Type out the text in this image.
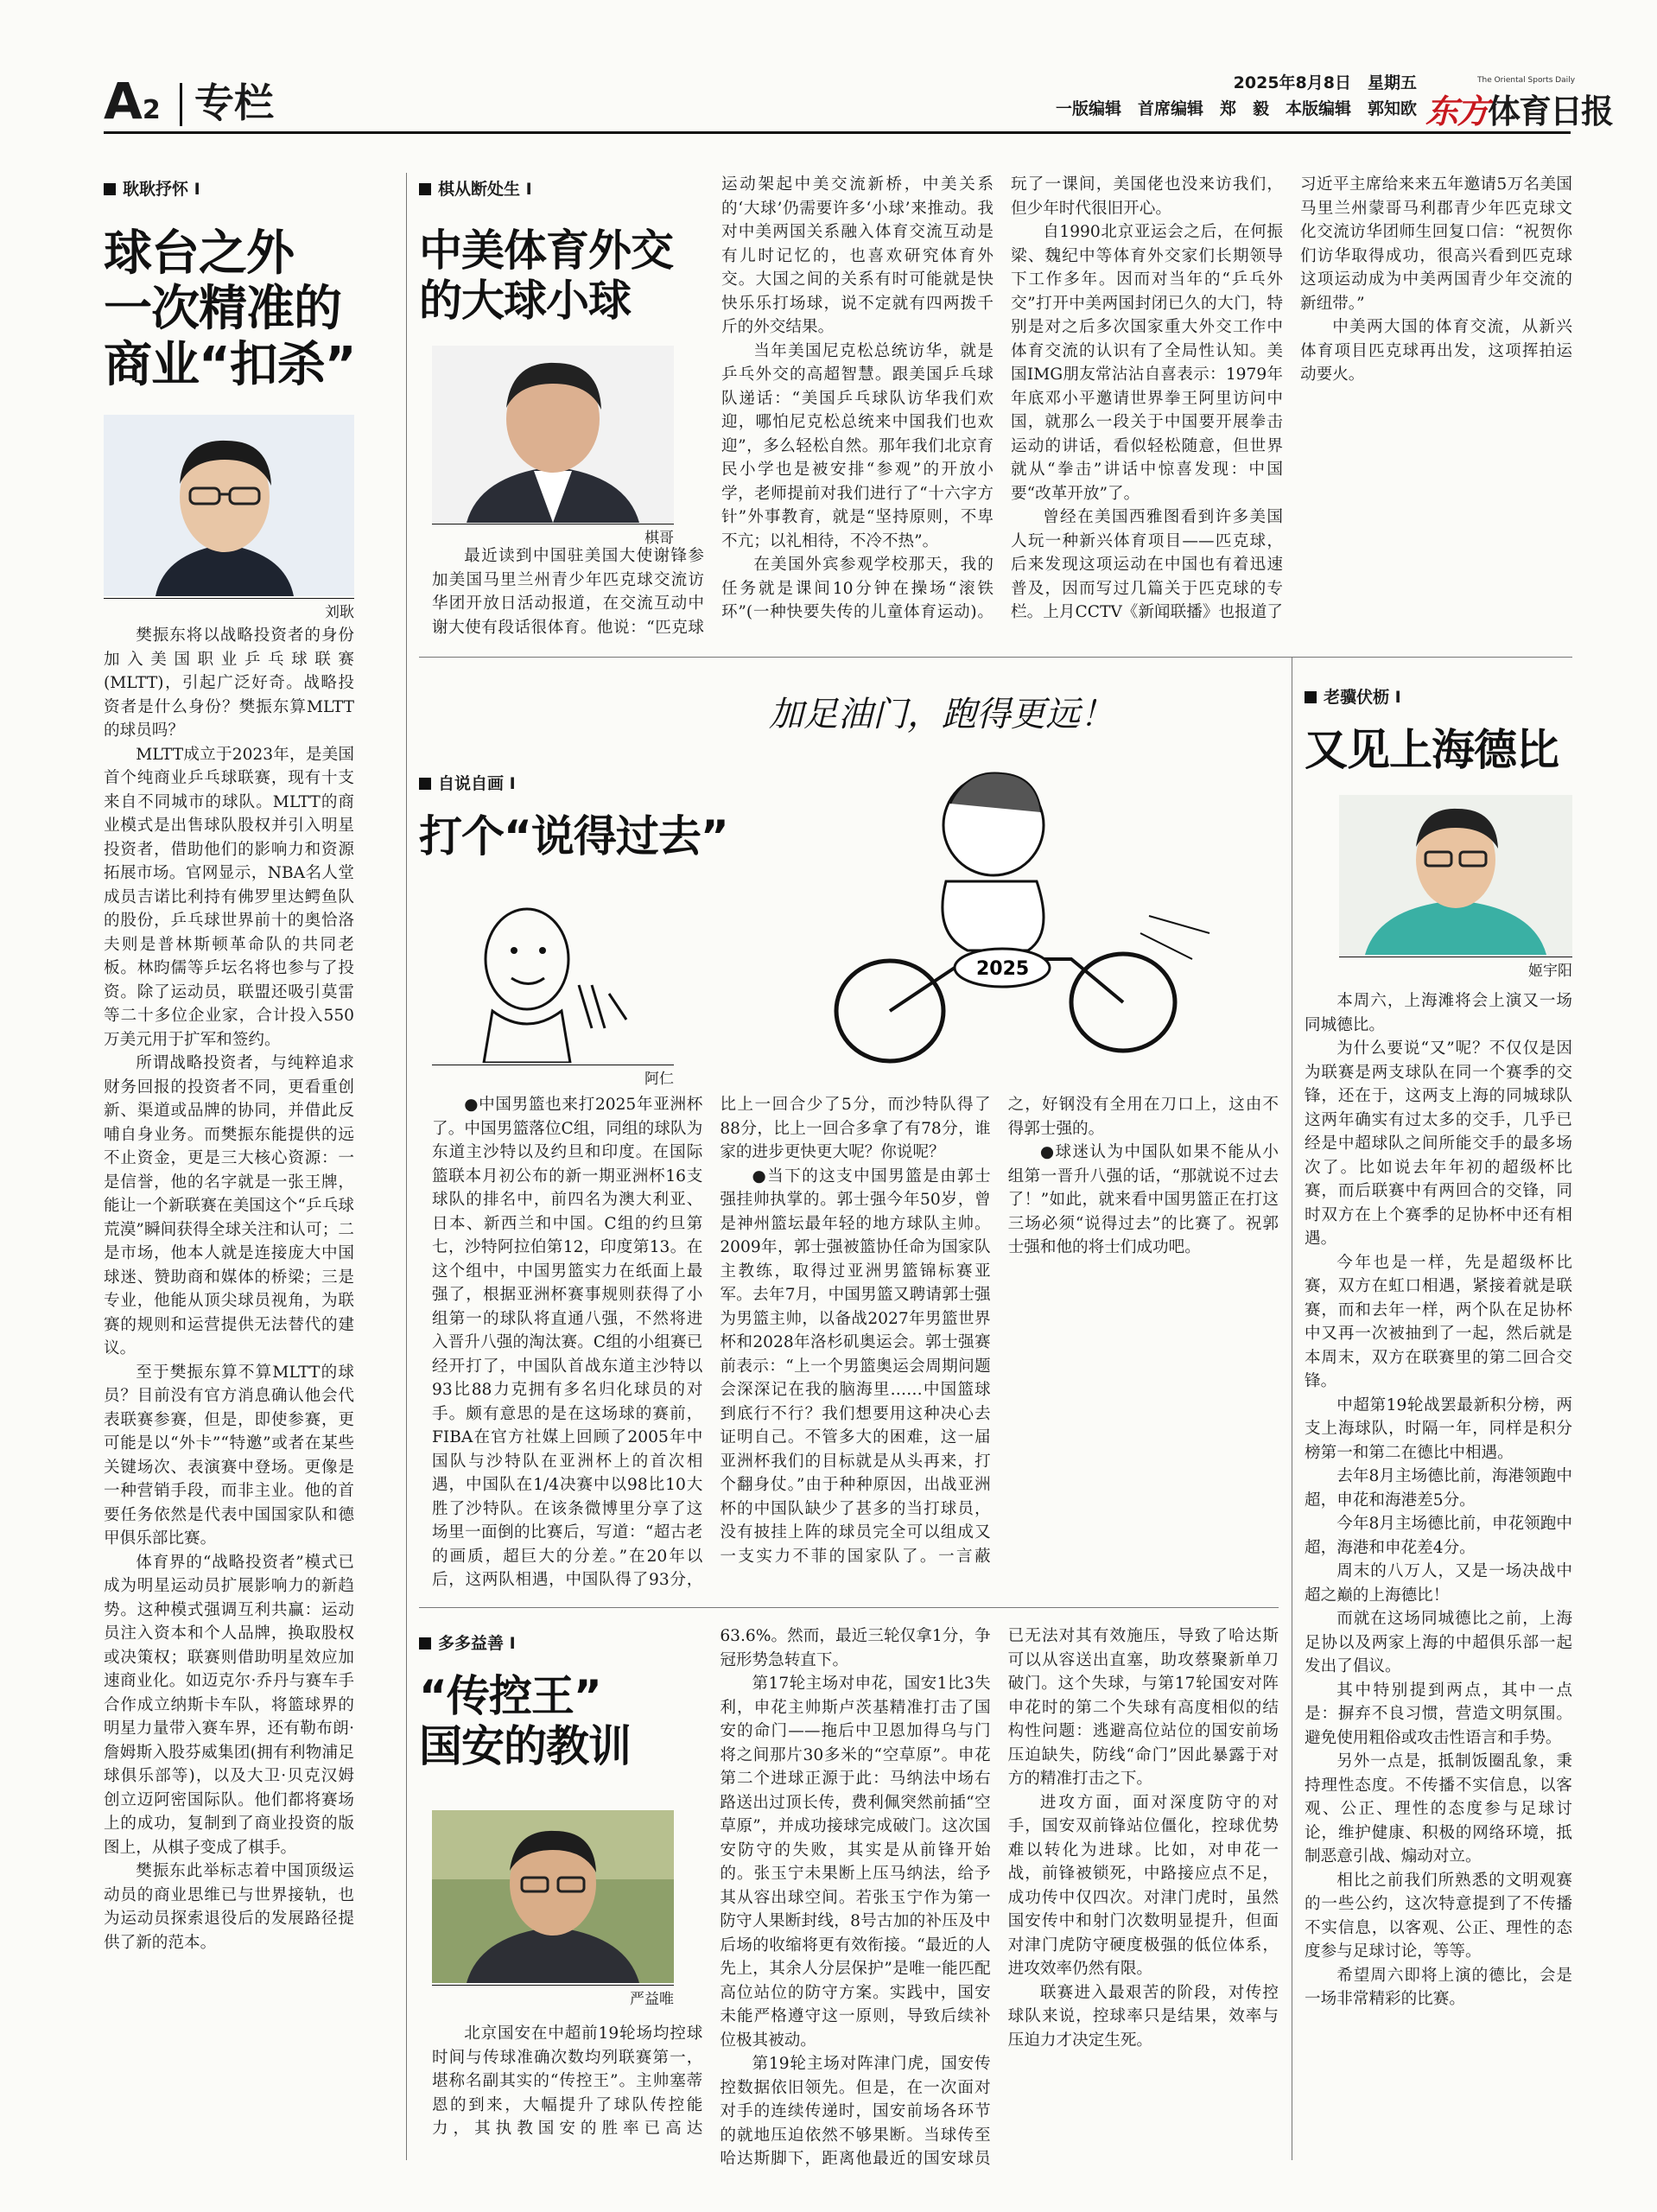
A2 专栏	2025年8月8日　星期五
一版编辑　首席编辑　郑　毅　本版编辑　郭知欧
The Oriental Sports Daily
东方体育日报
耿耿抒怀 I
球台之外
一次精准的
商业“扣杀”
刘耿

樊振东将以战略投资者的身份加入美国职业乒乓球联赛(MLTT)，引起广泛好奇。战略投资者是什么身份？樊振东算MLTT的球员吗？

MLTT成立于2023年，是美国首个纯商业乒乓球联赛，现有十支来自不同城市的球队。MLTT的商业模式是出售球队股权并引入明星投资者，借助他们的影响力和资源拓展市场。官网显示，NBA名人堂成员吉诺比利持有佛罗里达鳄鱼队的股份，乒乓球世界前十的奥恰洛夫则是普林斯顿革命队的共同老板。林昀儒等乒坛名将也参与了投资。除了运动员，联盟还吸引莫雷等二十多位企业家，合计投入550万美元用于扩军和签约。

所谓战略投资者，与纯粹追求财务回报的投资者不同，更看重创新、渠道或品牌的协同，并借此反哺自身业务。而樊振东能提供的远不止资金，更是三大核心资源：一是信誉，他的名字就是一张王牌，能让一个新联赛在美国这个“乒乓球荒漠”瞬间获得全球关注和认可；二是市场，他本人就是连接庞大中国球迷、赞助商和媒体的桥梁；三是专业，他能从顶尖球员视角，为联赛的规则和运营提供无法替代的建议。

至于樊振东算不算MLTT的球员？目前没有官方消息确认他会代表联赛参赛，但是，即使参赛，更可能是以“外卡”“特邀”或者在某些关键场次、表演赛中登场。更像是一种营销手段，而非主业。他的首要任务依然是代表中国国家队和德甲俱乐部比赛。

体育界的“战略投资者”模式已成为明星运动员扩展影响力的新趋势。这种模式强调互利共赢：运动员注入资本和个人品牌，换取股权或决策权；联赛则借助明星效应加速商业化。如迈克尔·乔丹与赛车手合作成立纳斯卡车队，将篮球界的明星力量带入赛车界，还有勒布朗·詹姆斯入股芬威集团(拥有利物浦足球俱乐部等)，以及大卫·贝克汉姆创立迈阿密国际队。他们都将赛场上的成功，复制到了商业投资的版图上，从棋子变成了棋手。

樊振东此举标志着中国顶级运动员的商业思维已与世界接轨，也为运动员探索退役后的发展路径提供了新的范本。

棋从断处生 I
中美体育外交
的大球小球
棋哥

最近读到中国驻美国大使谢锋参加美国马里兰州青少年匹克球交流访华团开放日活动报道，在交流互动中谢大使有段话很体育。他说：“匹克球运动架起中美交流新桥，中美关系的‘大球’仍需要许多‘小球’来推动。我对中美两国关系融入体育交流互动是有儿时记忆的，也喜欢研究体育外交。大国之间的关系有时可能就是快快乐乐打场球，说不定就有四两拨千斤的外交结果。

当年美国尼克松总统访华，就是乒乓外交的高超智慧。跟美国乒乓球队递话：“美国乒乓球队访华我们欢迎，哪怕尼克松总统来中国我们也欢迎”，多么轻松自然。那年我们北京育民小学也是被安排“参观”的开放小学，老师提前对我们进行了“十六字方针”外事教育，就是“坚持原则，不卑不亢；以礼相待，不冷不热”。

在美国外宾参观学校那天，我的任务就是课间10分钟在操场“滚铁环”(一种快要失传的儿童体育运动)。玩了一课间，美国佬也没来访我们，但少年时代很旧开心。

自1990北京亚运会之后，在何振梁、魏纪中等体育外交家们长期领导下工作多年。因而对当年的“乒乓外交”打开中美两国封闭已久的大门，特别是对之后多次国家重大外交工作中体育交流的认识有了全局性认知。美国IMG朋友常沾沾自喜表示：1979年年底邓小平邀请世界拳王阿里访问中国，就那么一段关于中国要开展拳击运动的讲话，看似轻松随意，但世界就从“拳击”讲话中惊喜发现：中国要“改革开放”了。

曾经在美国西雅图看到许多美国人玩一种新兴体育项目——匹克球，后来发现这项运动在中国也有着迅速普及，因而写过几篇关于匹克球的专栏。上月CCTV《新闻联播》也报道了习近平主席给来来五年邀请5万名美国马里兰州蒙哥马利郡青少年匹克球文化交流访华团师生回复口信：“祝贺你们访华取得成功，很高兴看到匹克球这项运动成为中美两国青少年交流的新纽带。”

中美两大国的体育交流，从新兴体育项目匹克球再出发，这项挥拍运动要火。

自说自画 I
打个“说得过去”
阿仁
加足油门，跑得更远！
2025

●中国男篮也来打2025年亚洲杯了。中国男篮落位C组，同组的球队为东道主沙特以及约旦和印度。在国际篮联本月初公布的新一期亚洲杯16支球队的排名中，前四名为澳大利亚、日本、新西兰和中国。C组的约旦第七，沙特阿拉伯第12，印度第13。在这个组中，中国男篮实力在纸面上最强了，根据亚洲杯赛事规则获得了小组第一的球队将直通八强，不然将进入晋升八强的淘汰赛。C组的小组赛已经开打了，中国队首战东道主沙特以93比88力克拥有多名归化球员的对手。颇有意思的是在这场球的赛前，FIBA在官方社媒上回顾了2005年中国队与沙特队在亚洲杯上的首次相遇，中国队在1/4决赛中以98比10大胜了沙特队。在该条微博里分享了这场里一面倒的比赛后，写道：“超古老的画质，超巨大的分差。”在20年以后，这两队相遇，中国队得了93分，比上一回合少了5分，而沙特队得了88分，比上一回合多拿了有78分，谁家的进步更快更大呢？你说呢？

●当下的这支中国男篮是由郭士强挂帅执掌的。郭士强今年50岁，曾是神州篮坛最年轻的地方球队主帅。2009年，郭士强被篮协任命为国家队主教练，取得过亚洲男篮锦标赛亚军。去年7月，中国男篮又聘请郭士强为男篮主帅，以备战2027年男篮世界杯和2028年洛杉矶奥运会。郭士强赛前表示：“上一个男篮奥运会周期问题会深深记在我的脑海里……中国篮球到底行不行？我们想要用这种决心去证明自己。不管多大的困难，这一届亚洲杯我们的目标就是从头再来，打个翻身仗。”由于种种原因，出战亚洲杯的中国队缺少了甚多的当打球员，没有披挂上阵的球员完全可以组成又一支实力不菲的国家队了。一言蔽之，好钢没有全用在刀口上，这由不得郭士强的。

●球迷认为中国队如果不能从小组第一晋升八强的话，“那就说不过去了！”如此，就来看中国男篮正在打这三场必须“说得过去”的比赛了。祝郭士强和他的将士们成功吧。

老骥伏枥 I
又见上海德比
姬宇阳

本周六，上海滩将会上演又一场同城德比。

为什么要说“又”呢？不仅仅是因为联赛是两支球队在同一个赛季的交锋，还在于，这两支上海的同城球队这两年确实有过太多的交手，几乎已经是中超球队之间所能交手的最多场次了。比如说去年年初的超级杯比赛，而后联赛中有两回合的交锋，同时双方在上个赛季的足协杯中还有相遇。

今年也是一样，先是超级杯比赛，双方在虹口相遇，紧接着就是联赛，而和去年一样，两个队在足协杯中又再一次被抽到了一起，然后就是本周末，双方在联赛里的第二回合交锋。

中超第19轮战罢最新积分榜，两支上海球队，时隔一年，同样是积分榜第一和第二在德比中相遇。

去年8月主场德比前，海港领跑中超，申花和海港差5分。

今年8月主场德比前，申花领跑中超，海港和申花差4分。

周末的八万人，又是一场决战中超之巅的上海德比！

而就在这场同城德比之前，上海足协以及两家上海的中超俱乐部一起发出了倡议。

其中特别提到两点，其中一点是：摒弃不良习惯，营造文明氛围。避免使用粗俗或攻击性语言和手势。

另外一点是，抵制饭圈乱象，秉持理性态度。不传播不实信息，以客观、公正、理性的态度参与足球讨论，维护健康、积极的网络环境，抵制恶意引战、煽动对立。

相比之前我们所熟悉的文明观赛的一些公约，这次特意提到了不传播不实信息，以客观、公正、理性的态度参与足球讨论，等等。

希望周六即将上演的德比，会是一场非常精彩的比赛。

多多益善 I
“传控王”
国安的教训
严益唯

北京国安在中超前19轮场均控球时间与传球准确次数均列联赛第一，堪称名副其实的“传控王”。主帅塞蒂恩的到来，大幅提升了球队传控能力，其执教国安的胜率已高达63.6%。然而，最近三轮仅拿1分，争冠形势急转直下。

第17轮主场对申花，国安1比3失利，申花主帅斯卢茨基精准打击了国安的命门——拖后中卫恩加得乌与门将之间那片30多米的“空草原”。申花第二个进球正源于此：马纳法中场右路送出过顶长传，费利佩突然前插“空草原”，并成功接球完成破门。这次国安防守的失败，其实是从前锋开始的。张玉宁未果断上压马纳法，给予其从容出球空间。若张玉宁作为第一防守人果断封线，8号古加的补压及中后场的收缩将更有效衔接。“最近的人先上，其余人分层保护”是唯一能匹配高位站位的防守方案。实践中，国安未能严格遵守这一原则，导致后续补位极其被动。

第19轮主场对阵津门虎，国安传控数据依旧领先。但是，在一次面对对手的连续传递时，国安前场各环节的就地压迫依然不够果断。当球传至哈达斯脚下，距离他最近的国安球员已无法对其有效施压，导致了哈达斯可以从容送出直塞，助攻蔡聚新单刀破门。这个失球，与第17轮国安对阵申花时的第二个失球有高度相似的结构性问题：逃避高位站位的国安前场压迫缺失，防线“命门”因此暴露于对方的精准打击之下。

进攻方面，面对深度防守的对手，国安双前锋站位僵化，控球优势难以转化为进球。比如，对申花一战，前锋被锁死，中路接应点不足，成功传中仅四次。对津门虎时，虽然国安传中和射门次数明显提升，但面对津门虎防守硬度极强的低位体系，进攻效率仍然有限。

联赛进入最艰苦的阶段，对传控球队来说，控球率只是结果，效率与压迫力才决定生死。
